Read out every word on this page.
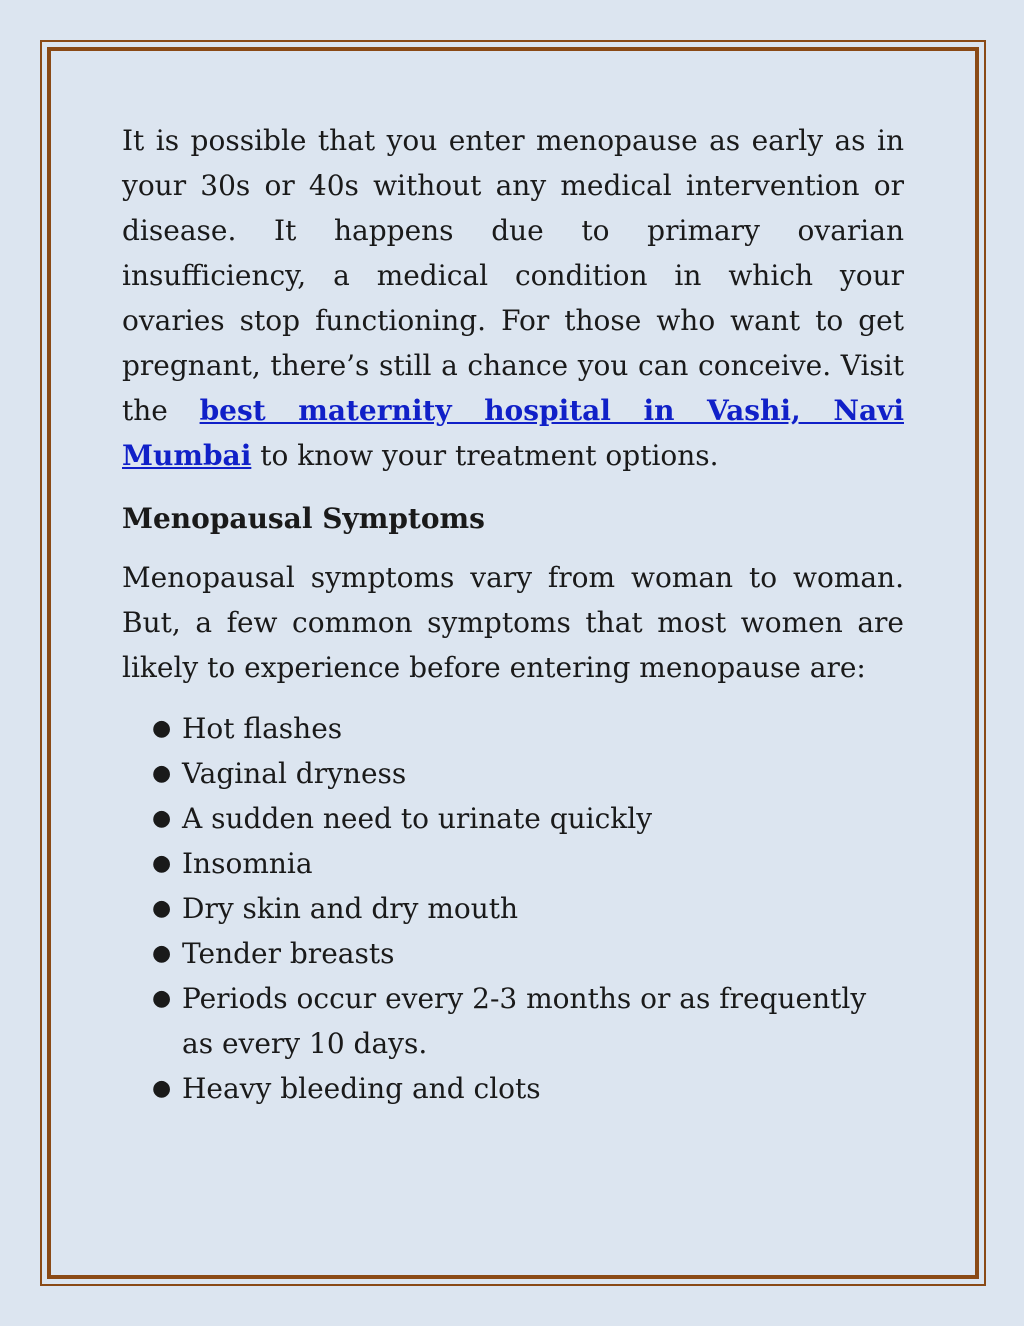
It is possible that you enter menopause as early as in your 30s or 40s without any medical intervention or disease. It happens due to primary ovarian insufficiency, a medical condition in which your ovaries stop functioning. For those who want to get pregnant, there’s still a chance you can conceive. Visit the best maternity hospital in Vashi, Navi Mumbai to know your treatment options.

Menopausal Symptoms

Menopausal symptoms vary from woman to woman. But, a few common symptoms that most women are likely to experience before entering menopause are:

● Hot flashes
● Vaginal dryness
● A sudden need to urinate quickly
● Insomnia
● Dry skin and dry mouth
● Tender breasts
● Periods occur every 2-3 months or as frequently as every 10 days.
● Heavy bleeding and clots
